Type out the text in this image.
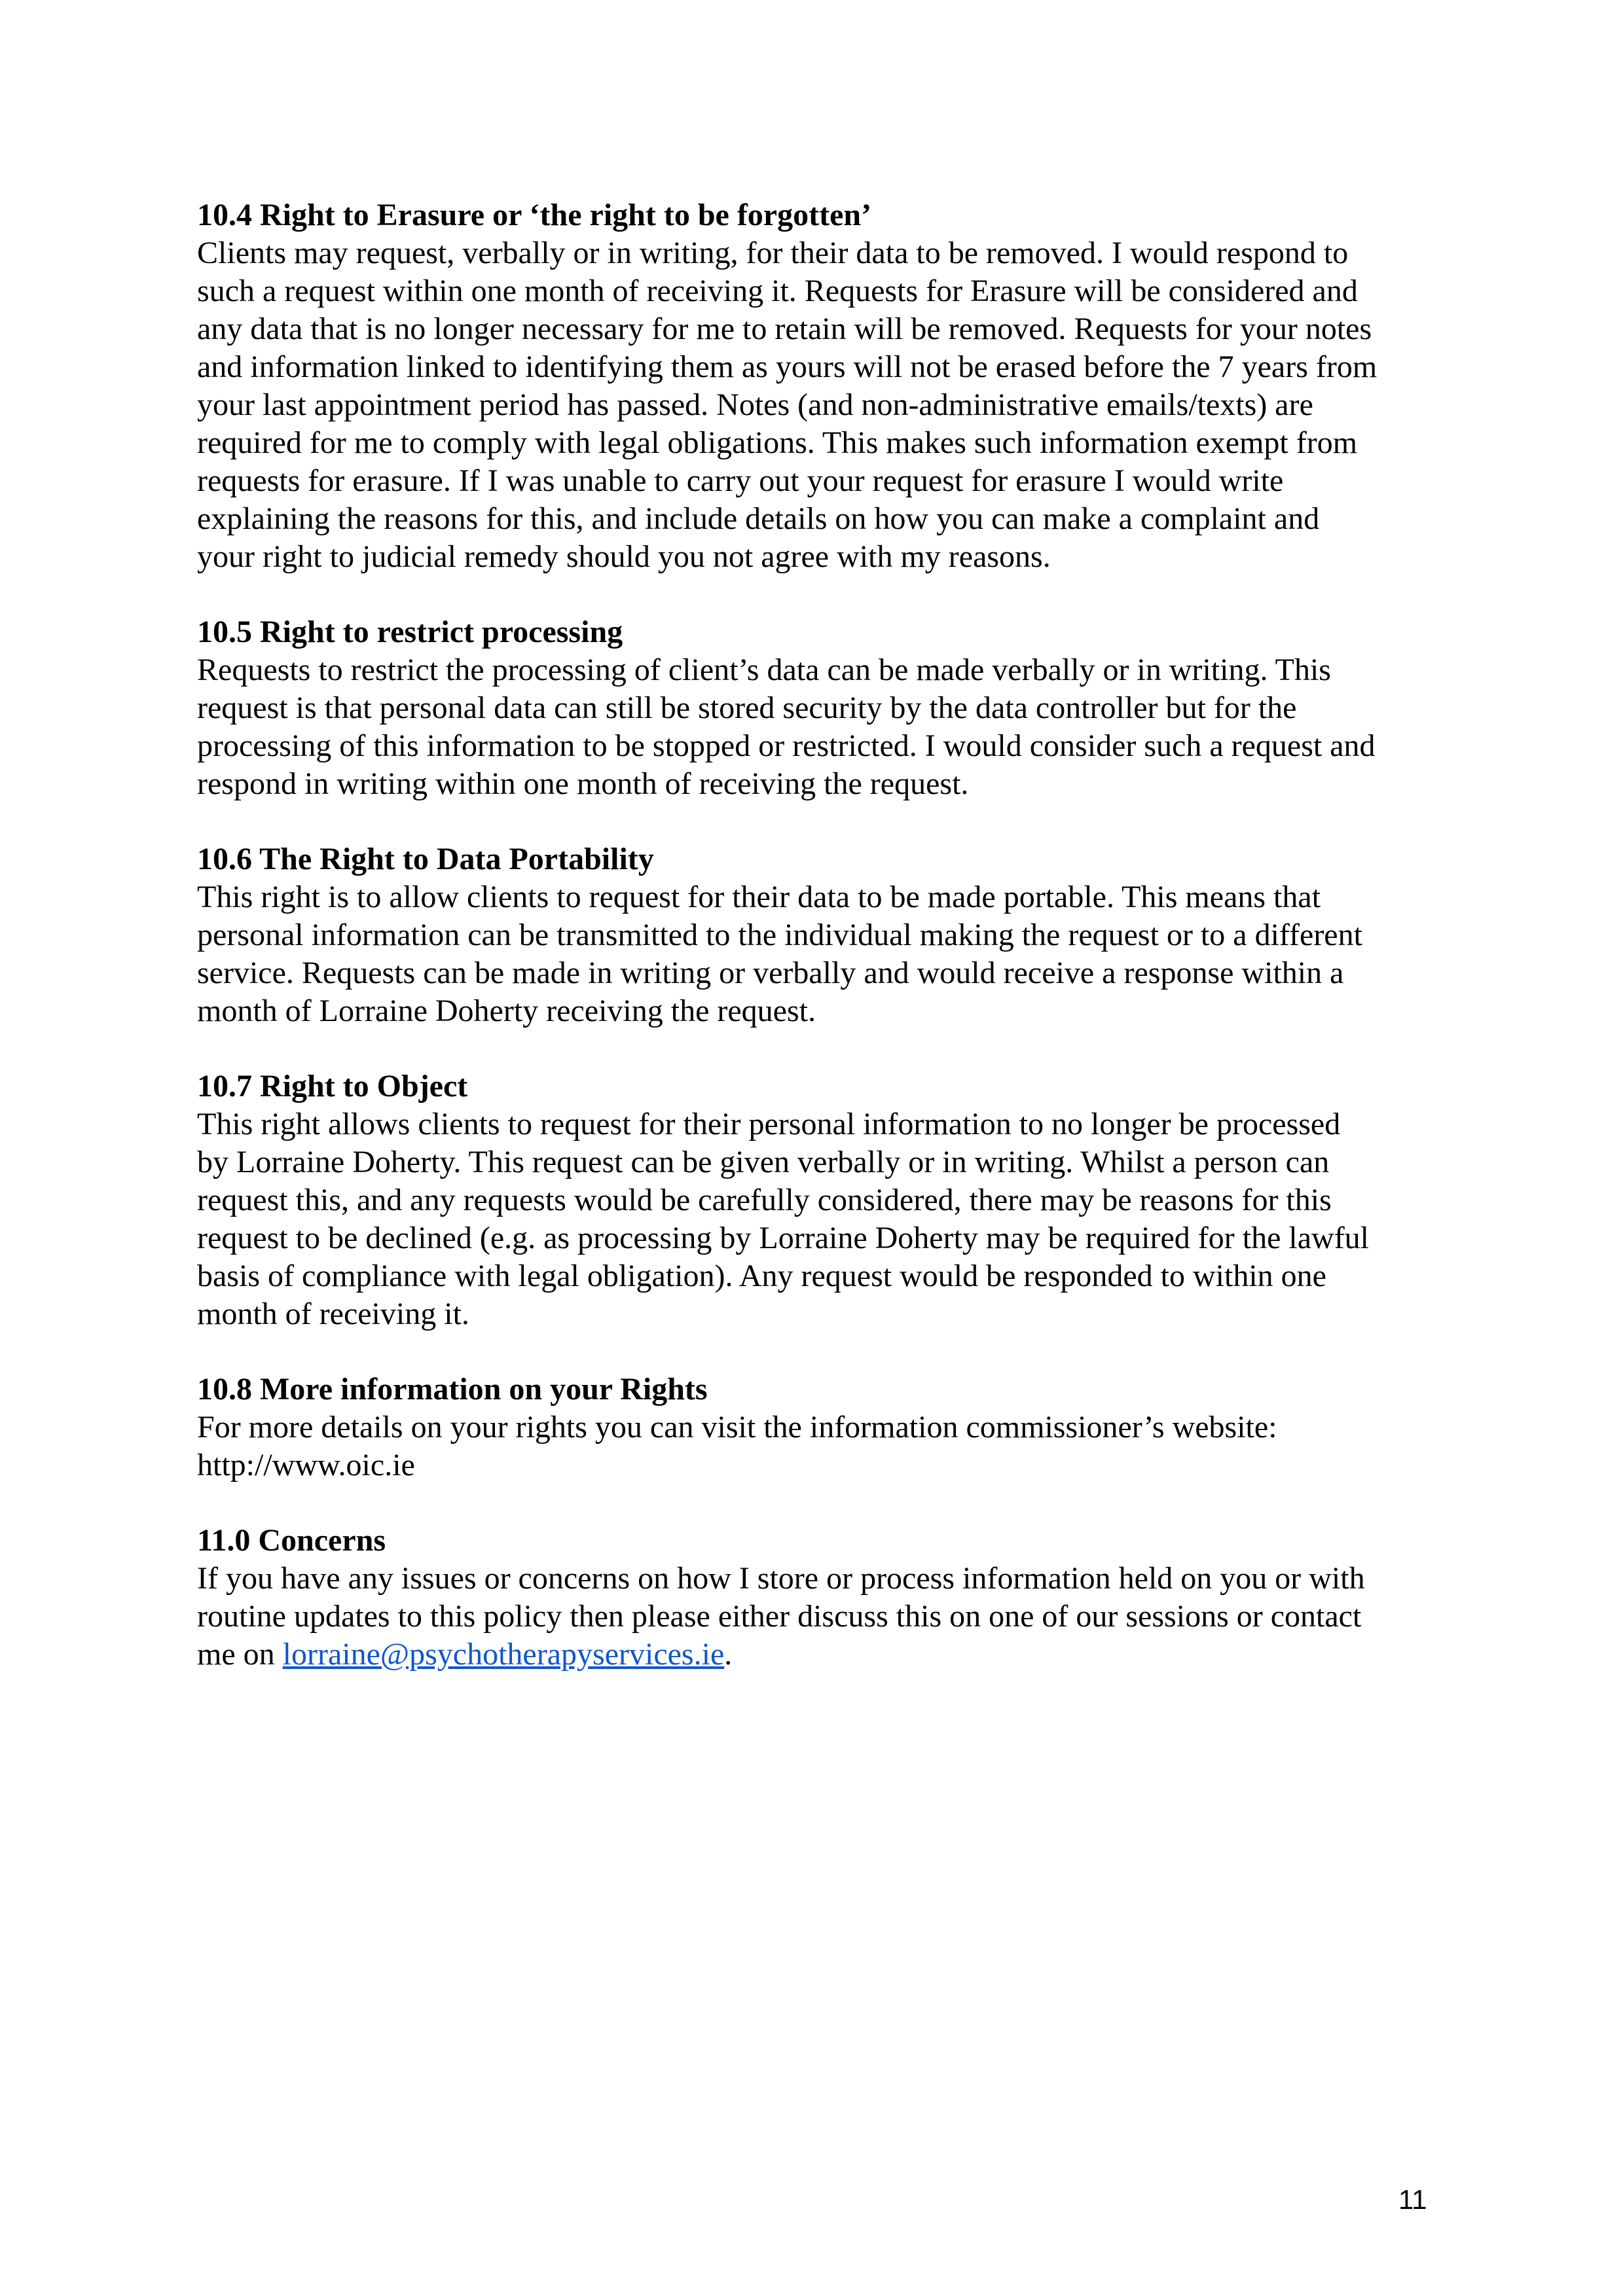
10.4 Right to Erasure or ‘the right to be forgotten’

Clients may request, verbally or in writing, for their data to be removed. I would respond to
such a request within one month of receiving it. Requests for Erasure will be considered and
any data that is no longer necessary for me to retain will be removed. Requests for your notes
and information linked to identifying them as yours will not be erased before the 7 years from
your last appointment period has passed. Notes (and non-administrative emails/texts) are
required for me to comply with legal obligations. This makes such information exempt from
requests for erasure. If I was unable to carry out your request for erasure I would write
explaining the reasons for this, and include details on how you can make a complaint and
your right to judicial remedy should you not agree with my reasons.

10.5 Right to restrict processing

Requests to restrict the processing of client’s data can be made verbally or in writing. This
request is that personal data can still be stored security by the data controller but for the
processing of this information to be stopped or restricted. I would consider such a request and
respond in writing within one month of receiving the request.

10.6 The Right to Data Portability

This right is to allow clients to request for their data to be made portable. This means that
personal information can be transmitted to the individual making the request or to a different
service. Requests can be made in writing or verbally and would receive a response within a
month of Lorraine Doherty receiving the request.

10.7 Right to Object

This right allows clients to request for their personal information to no longer be processed
by Lorraine Doherty. This request can be given verbally or in writing. Whilst a person can
request this, and any requests would be carefully considered, there may be reasons for this
request to be declined (e.g. as processing by Lorraine Doherty may be required for the lawful
basis of compliance with legal obligation). Any request would be responded to within one
month of receiving it.

10.8 More information on your Rights

For more details on your rights you can visit the information commissioner’s website:
http://www.oic.ie

11.0 Concerns

If you have any issues or concerns on how I store or process information held on you or with
routine updates to this policy then please either discuss this on one of our sessions or contact
me on lorraine@psychotherapyservices.ie.

11
